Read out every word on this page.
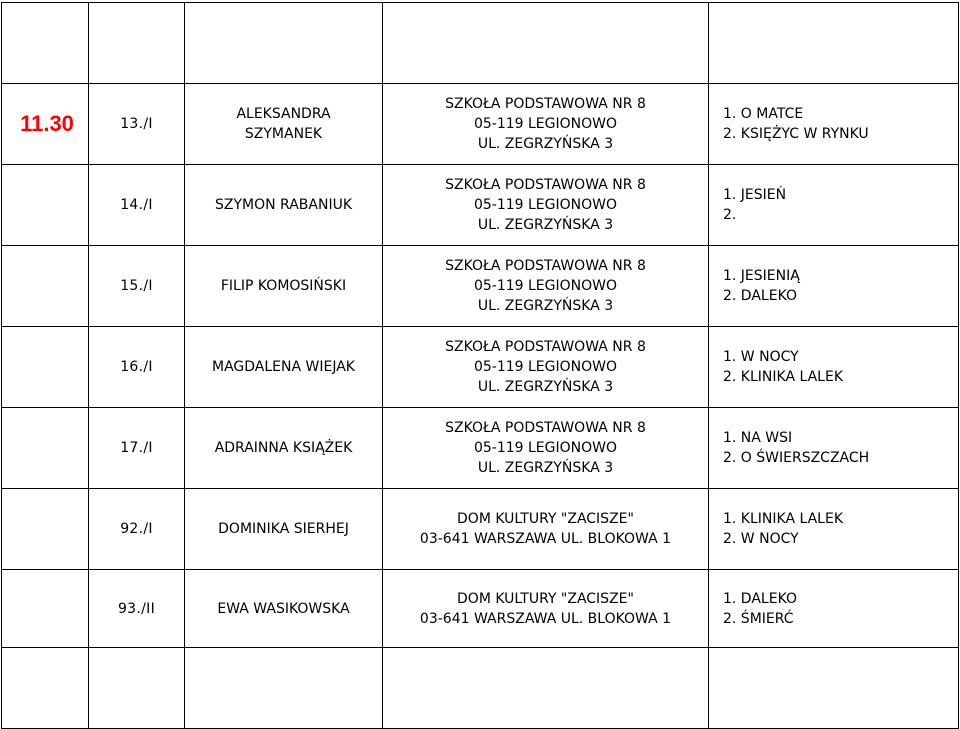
11.30	13./I	ALEKSANDRA
SZYMANEK	SZKOŁA PODSTAWOWA NR 8
05-119 LEGIONOWO
UL. ZEGRZYŃSKA 3	1. O MATCE
2. KSIĘŻYC W RYNKU

	14./I	SZYMON RABANIUK	SZKOŁA PODSTAWOWA NR 8
05-119 LEGIONOWO
UL. ZEGRZYŃSKA 3	1. JESIEŃ
2.

	15./I	FILIP KOMOSIŃSKI	SZKOŁA PODSTAWOWA NR 8
05-119 LEGIONOWO
UL. ZEGRZYŃSKA 3	1. JESIENIĄ
2. DALEKO

	16./I	MAGDALENA WIEJAK	SZKOŁA PODSTAWOWA NR 8
05-119 LEGIONOWO
UL. ZEGRZYŃSKA 3	1. W NOCY
2. KLINIKA LALEK

	17./I	ADRAINNA KSIĄŻEK	SZKOŁA PODSTAWOWA NR 8
05-119 LEGIONOWO
UL. ZEGRZYŃSKA 3	1. NA WSI
2. O ŚWIERSZCZACH

	92./I	DOMINIKA SIERHEJ	DOM KULTURY "ZACISZE"
03-641 WARSZAWA UL. BLOKOWA 1	1. KLINIKA LALEK
2. W NOCY

	93./II	EWA WASIKOWSKA	DOM KULTURY "ZACISZE"
03-641 WARSZAWA UL. BLOKOWA 1	1. DALEKO
2. ŚMIERĆ
